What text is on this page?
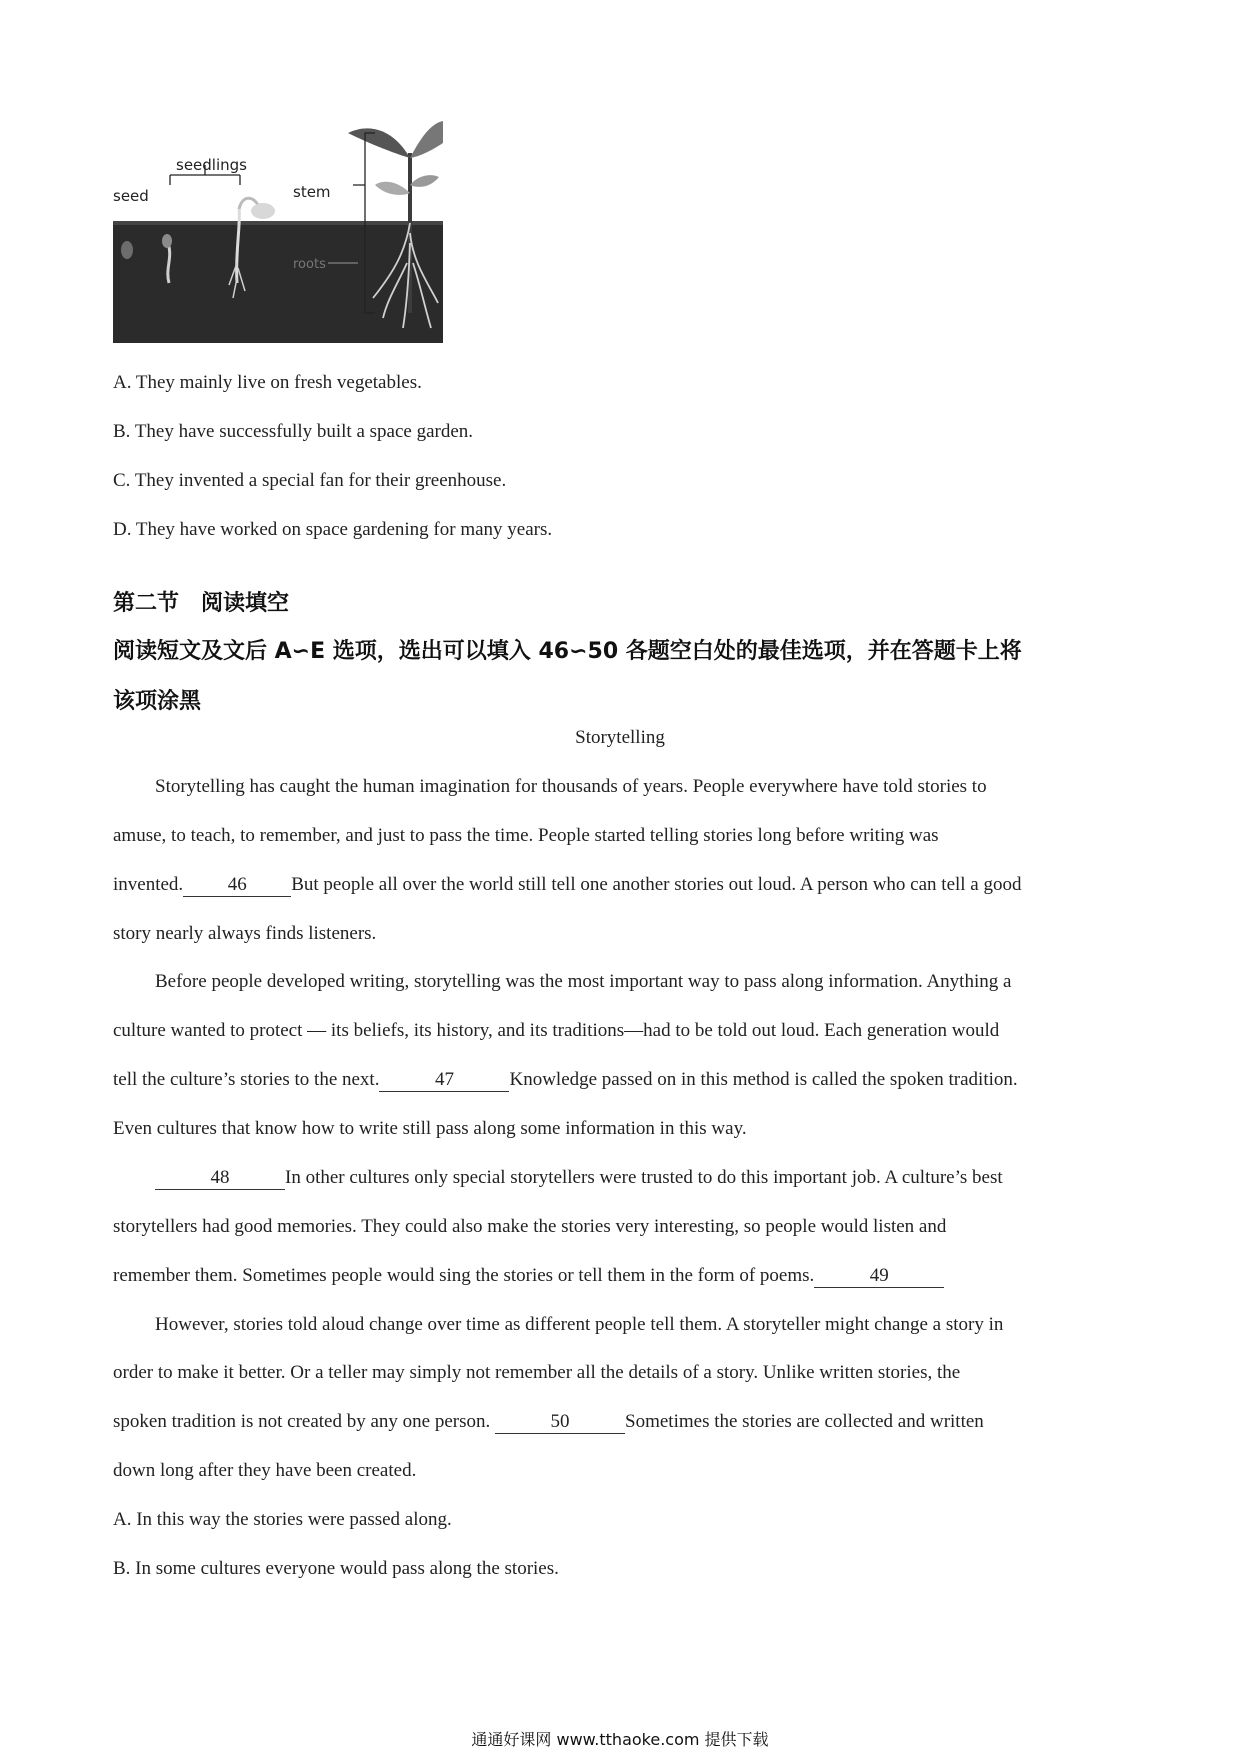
seed
seedlings
stem
roots
A. They mainly live on fresh vegetables.
B. They have successfully built a space garden.
C. They invented a special fan for their greenhouse.
D. They have worked on space gardening for many years.
第二节　阅读填空
阅读短文及文后 A∽E 选项，选出可以填入 46∽50 各题空白处的最佳选项，并在答题卡上将
该项涂黑
Storytelling
Storytelling has caught the human imagination for thousands of years. People everywhere have told stories to
amuse, to teach, to remember, and just to pass the time. People started telling stories long before writing was
invented. 46 But people all over the world still tell one another stories out loud. A person who can tell a good
story nearly always finds listeners.
Before people developed writing, storytelling was the most important way to pass along information. Anything a
culture wanted to protect — its beliefs, its history, and its traditions—had to be told out loud. Each generation would
tell the culture’s stories to the next.	47	Knowledge passed on in this method is called the spoken tradition.
Even cultures that know how to write still pass along some information in this way.
48	In other cultures only special storytellers were trusted to do this important job. A culture’s best
storytellers had good memories. They could also make the stories very interesting, so people would listen and
remember them. Sometimes people would sing the stories or tell them in the form of poems.	49
However, stories told aloud change over time as different people tell them. A storyteller might change a story in
order to make it better. Or a teller may simply not remember all the details of a story. Unlike written stories, the
spoken tradition is not created by any one person.	50	Sometimes the stories are collected and written
down long after they have been created.
A. In this way the stories were passed along.
B. In some cultures everyone would pass along the stories.
通通好课网 www.tthaoke.com 提供下载
